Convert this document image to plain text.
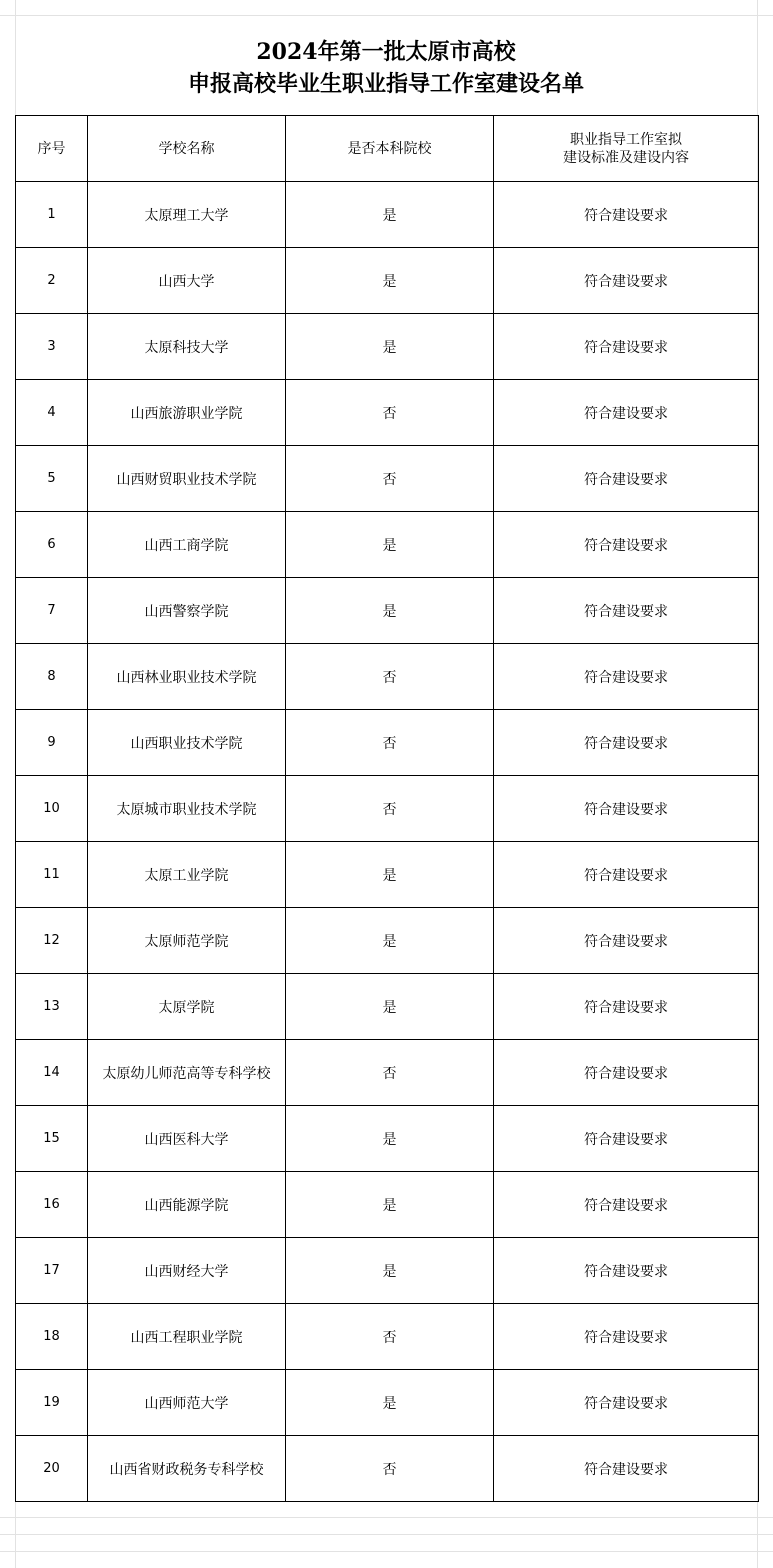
2024年第一批太原市高校
申报高校毕业生职业指导工作室建设名单
序号	学校名称	是否本科院校	职业指导工作室拟
建设标准及建设内容

1	太原理工大学	是	符合建设要求
2	山西大学	是	符合建设要求
3	太原科技大学	是	符合建设要求
4	山西旅游职业学院	否	符合建设要求
5	山西财贸职业技术学院	否	符合建设要求
6	山西工商学院	是	符合建设要求
7	山西警察学院	是	符合建设要求
8	山西林业职业技术学院	否	符合建设要求
9	山西职业技术学院	否	符合建设要求
10	太原城市职业技术学院	否	符合建设要求
11	太原工业学院	是	符合建设要求
12	太原师范学院	是	符合建设要求
13	太原学院	是	符合建设要求
14	太原幼儿师范高等专科学校	否	符合建设要求
15	山西医科大学	是	符合建设要求
16	山西能源学院	是	符合建设要求
17	山西财经大学	是	符合建设要求
18	山西工程职业学院	否	符合建设要求
19	山西师范大学	是	符合建设要求
20	山西省财政税务专科学校	否	符合建设要求
